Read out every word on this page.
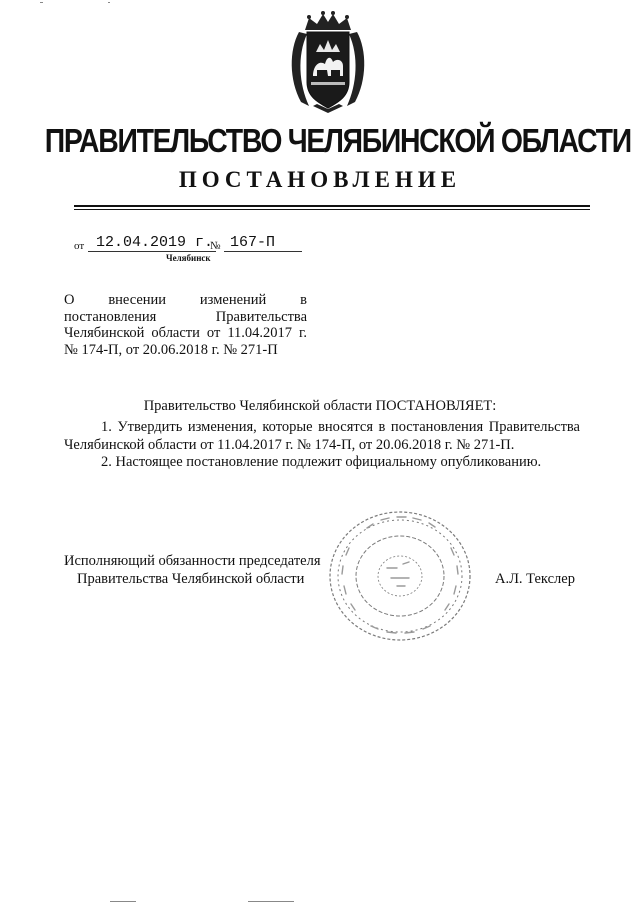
ПРАВИТЕЛЬСТВО ЧЕЛЯБИНСКОЙ ОБЛАСТИ
ПОСТАНОВЛЕНИЕ
от 12.04.2019 г.
№ 167-П
Челябинск
О внесении изменений в постановления Правительства Челябинской области от 11.04.2017 г. № 174-П, от 20.06.2018 г. № 271-П
Правительство Челябинской области ПОСТАНОВЛЯЕТ:

1. Утвердить изменения, которые вносятся в постановления Правительства Челябинской области от 11.04.2017 г. № 174-П, от 20.06.2018 г. № 271-П.

2. Настоящее постановление подлежит официальному опубликованию.

Исполняющий обязанности председателя
Правительства Челябинской области	А.Л. Текслер
